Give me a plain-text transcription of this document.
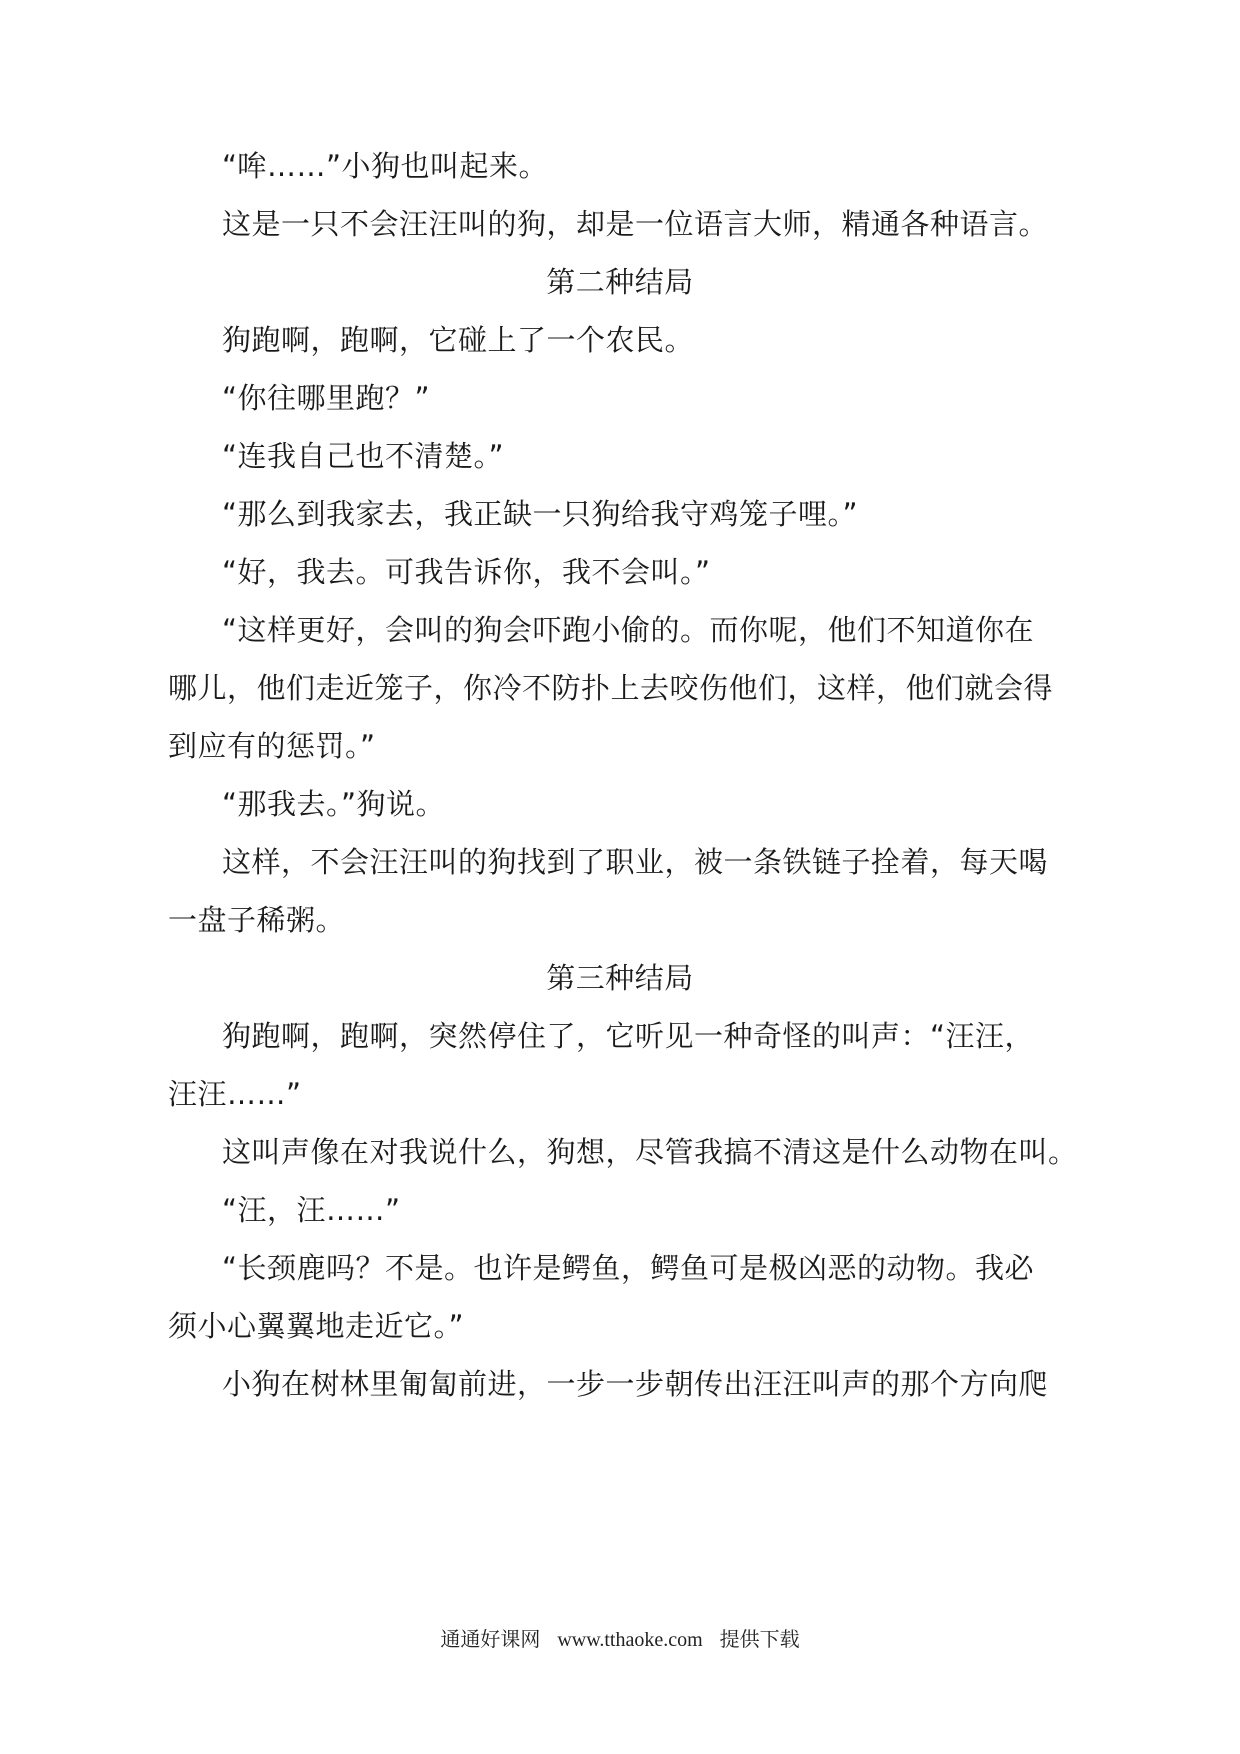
“哞……”小狗也叫起来。
这是一只不会汪汪叫的狗，却是一位语言大师，精通各种语言。
第二种结局
狗跑啊，跑啊，它碰上了一个农民。
“你往哪里跑？”
“连我自己也不清楚。”
“那么到我家去，我正缺一只狗给我守鸡笼子哩。”
“好，我去。可我告诉你，我不会叫。”
“这样更好，会叫的狗会吓跑小偷的。而你呢，他们不知道你在
哪儿，他们走近笼子，你冷不防扑上去咬伤他们，这样，他们就会得
到应有的惩罚。”
“那我去。”狗说。
这样，不会汪汪叫的狗找到了职业，被一条铁链子拴着，每天喝
一盘子稀粥。
第三种结局
狗跑啊，跑啊，突然停住了，它听见一种奇怪的叫声：“汪汪，
汪汪……”
这叫声像在对我说什么，狗想，尽管我搞不清这是什么动物在叫。
“汪，汪……”
“长颈鹿吗？不是。也许是鳄鱼，鳄鱼可是极凶恶的动物。我必
须小心翼翼地走近它。”
小狗在树林里匍匐前进，一步一步朝传出汪汪叫声的那个方向爬
通通好课网 www.tthaoke.com 提供下载
